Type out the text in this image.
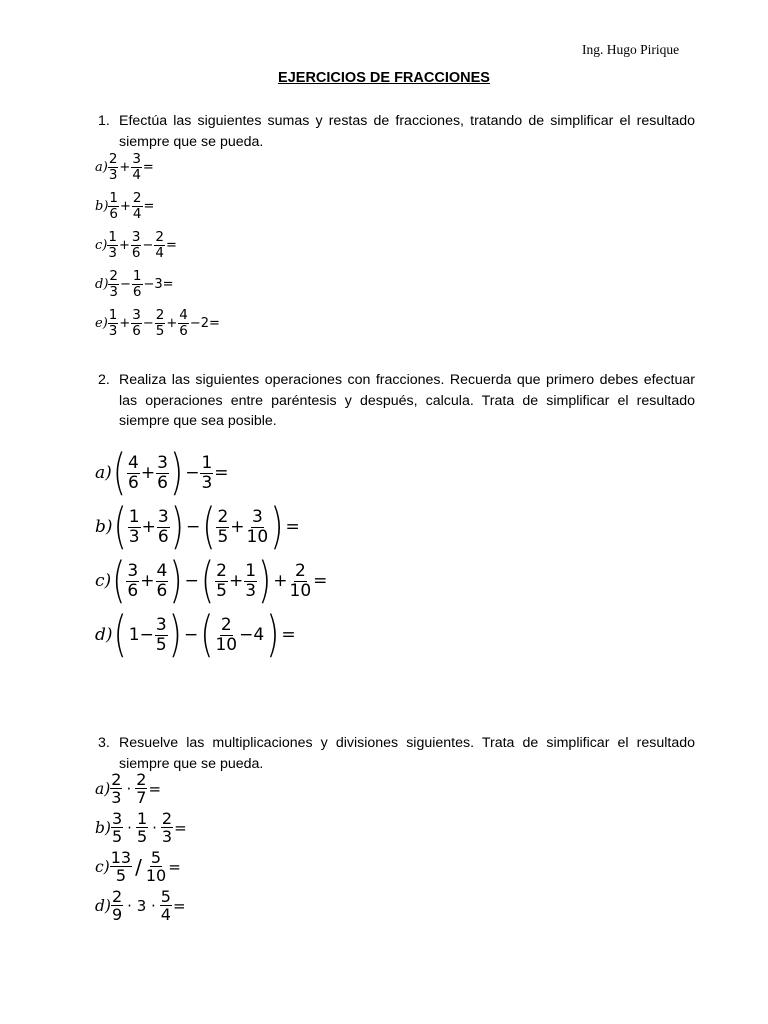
Ing. Hugo Pirique
EJERCICIOS DE FRACCIONES
1. Efectúa las siguientes sumas y restas de fracciones, tratando de simplificar el resultado siempre que se pueda.
$a) \frac{2}{3} + \frac{3}{4}$ =
$b) \frac{1}{6} + \frac{2}{4}$ =
$c) \frac{1}{3} + \frac{3}{6} - \frac{2}{4}$ =
$d) \frac{2}{3} - \frac{1}{6} -3=$
$e) \frac{1}{3} + \frac{3}{6} - \frac{2}{5} + \frac{4}{6} -2=$
2. Realiza las siguientes operaciones con fracciones. Recuerda que primero debes efectuar las operaciones entre paréntesis y después, calcula. Trata de simplificar el resultado siempre que sea posible.
a) ( $\frac{4}{6} + \frac{3}{6}$ ) − $\frac{1}{3}$ =
b) ( $\frac{1}{3} + \frac{3}{6}$ ) − ( $\frac{2}{5} + \frac{3}{10}$ ) =
c) ( $\frac{3}{6} + \frac{4}{6}$ ) − ( $\frac{2}{5} + \frac{1}{3}$ ) + $\frac{2}{10}$ =
d) ( $1- \frac{3}{5}$ ) − ( $\frac{2}{10} -4$ ) =
3. Resuelve las multiplicaciones y divisiones siguientes. Trata de simplificar el resultado siempre que se pueda.
$a) \frac{2}{3} \cdot \frac{2}{7}$ =
$b) \frac{3}{5} \cdot \frac{1}{5} \cdot \frac{2}{3}$ =
$c) \frac{13}{5} / \frac{5}{10}$ =
$d) \frac{2}{9} \cdot 3 \cdot \frac{5}{4}$ =
